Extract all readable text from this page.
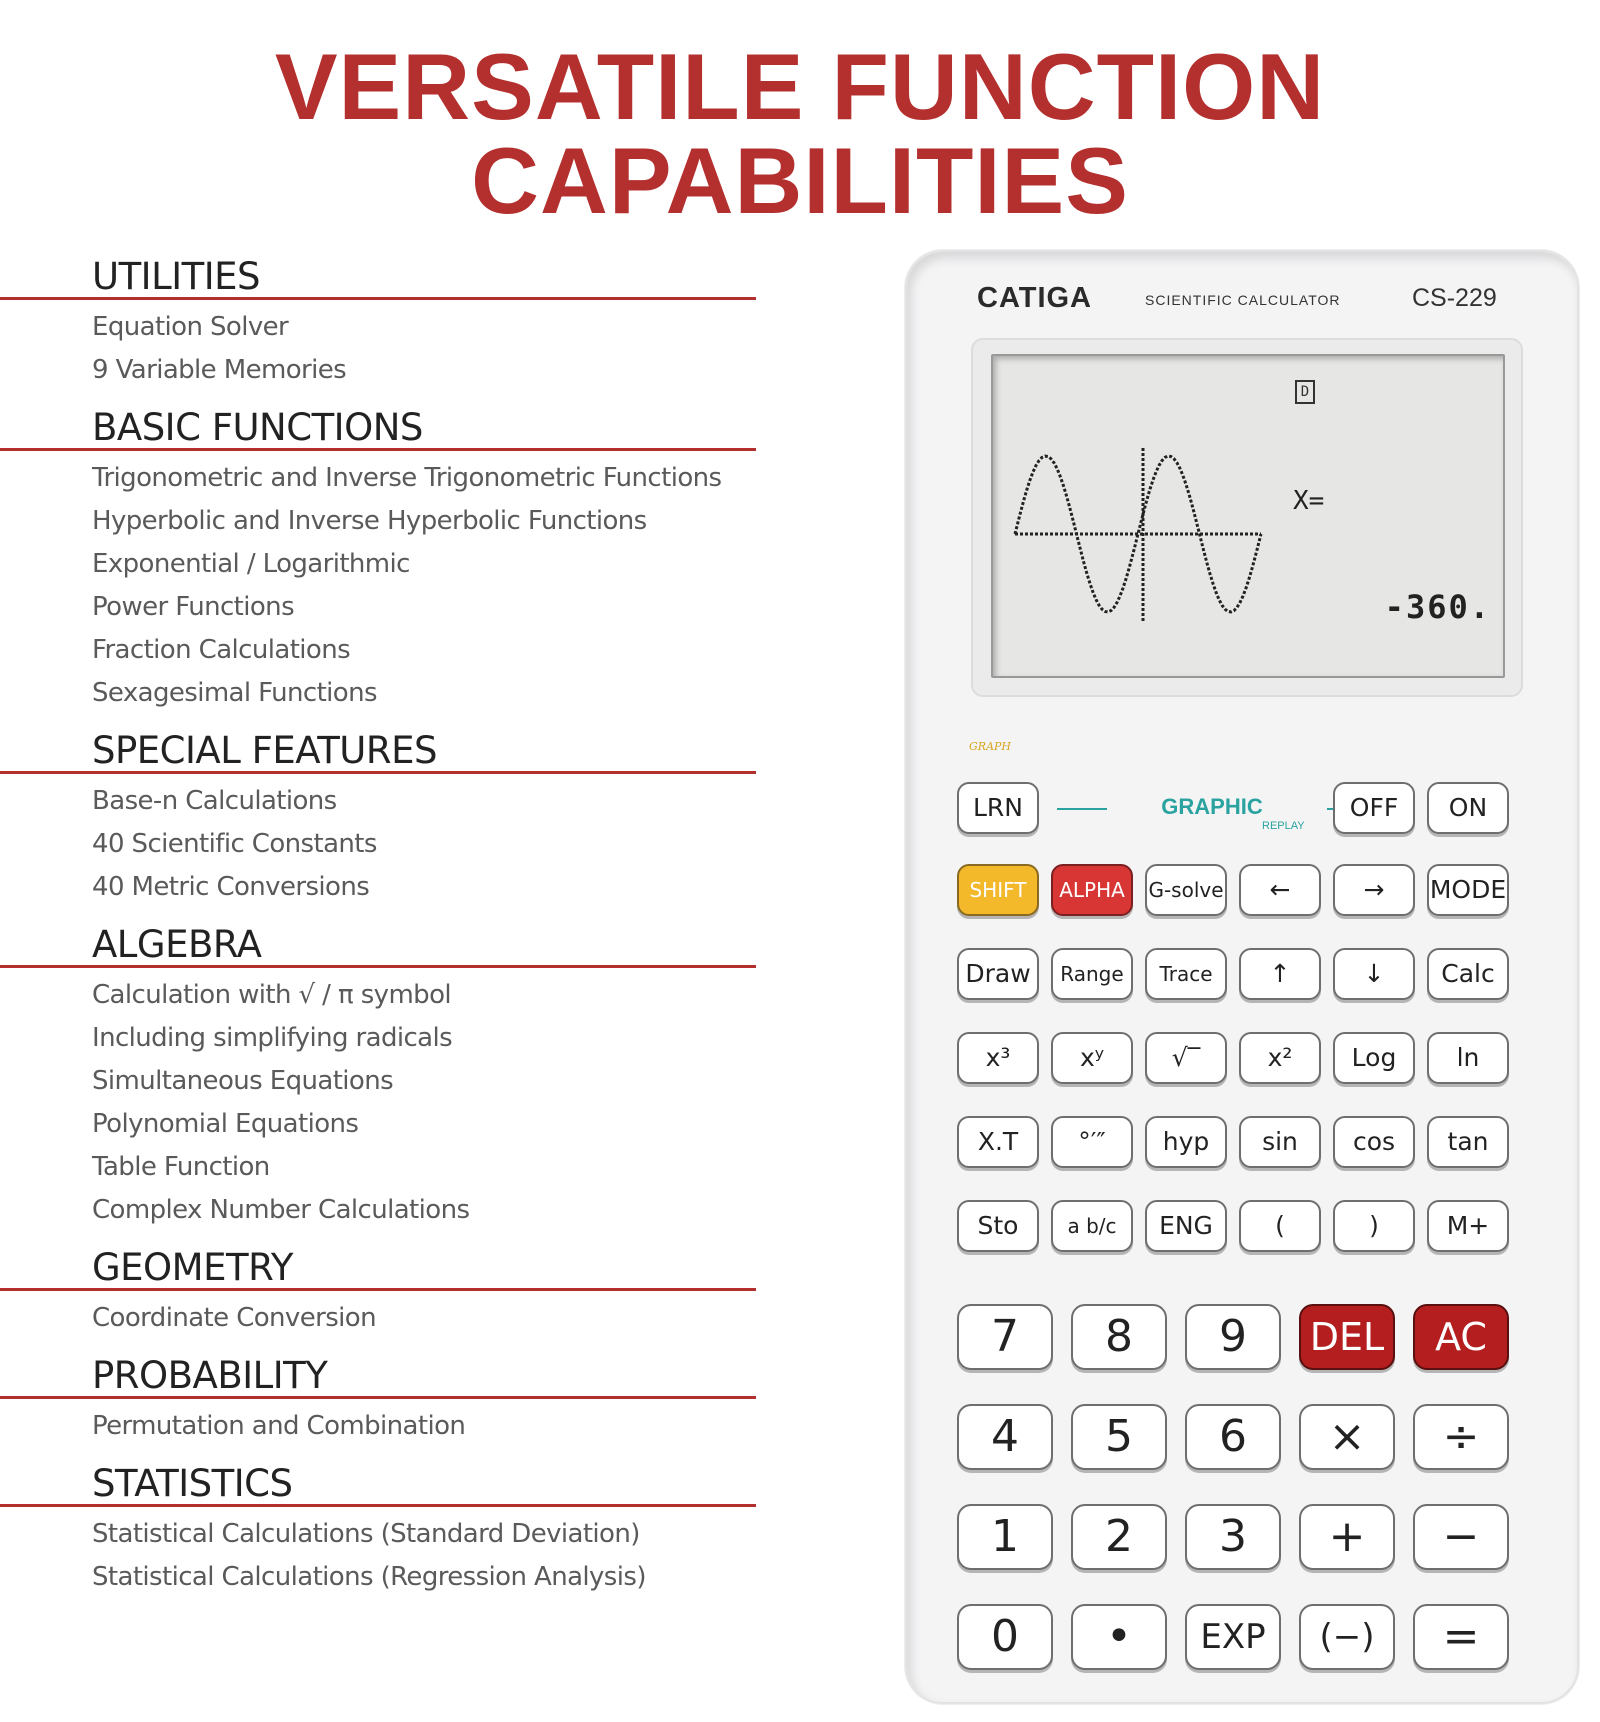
VERSATILE FUNCTION CAPABILITIES
UTILITIES
Equation Solver
9 Variable Memories
BASIC FUNCTIONS
Trigonometric and Inverse Trigonometric Functions
Hyperbolic and Inverse Hyperbolic Functions
Exponential / Logarithmic
Power Functions
Fraction Calculations
Sexagesimal Functions
SPECIAL FEATURES
Base-n Calculations
40 Scientific Constants
40 Metric Conversions
ALGEBRA
Calculation with √ / π symbol
Including simplifying radicals
Simultaneous Equations
Polynomial Equations
Table Function
Complex Number Calculations
GEOMETRY
Coordinate Conversion
PROBABILITY
Permutation and Combination
STATISTICS
Statistical Calculations (Standard Deviation)
Statistical Calculations (Regression Analysis)
CATIGA	SCIENTIFIC CALCULATOR	CS-229
D
X=
-360.
GRAPH
GRAPHIC
REPLAY
LRN	OFF	ON
SHIFT	ALPHA	G-solve	←	→	MODE
Draw	Range	Trace	↑	↓	Calc
x³	xʸ	√‾	x²	Log	ln
X.T	°′″	hyp	sin	cos	tan
Sto	a b/c	ENG	(	)	M+
7	8	9	DEL	AC
4	5	6	×	÷
1	2	3	+	−
0	•	EXP	(−)	=
